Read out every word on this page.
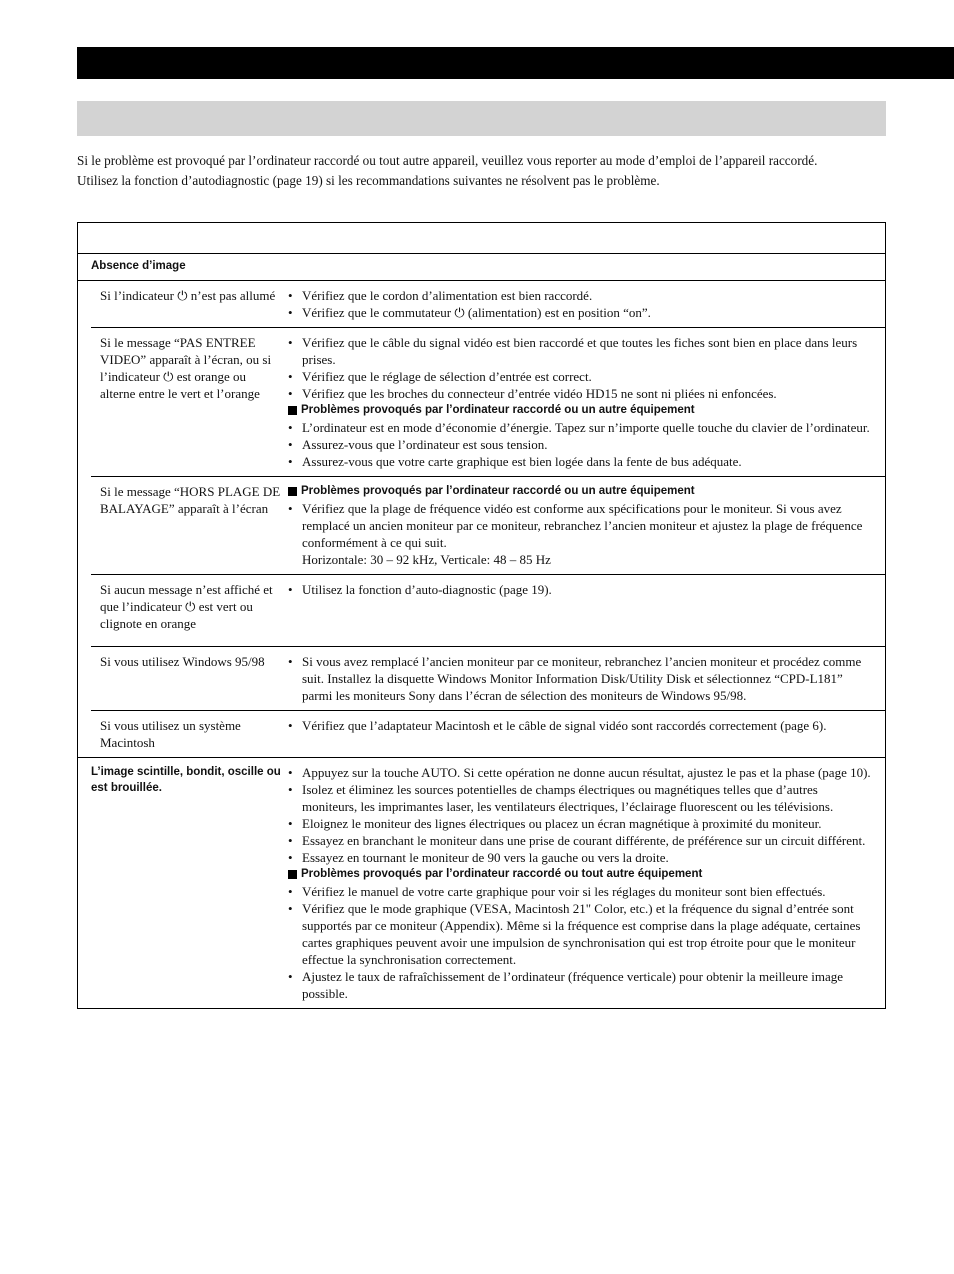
Si le problème est provoqué par l’ordinateur raccordé ou tout autre appareil, veuillez vous reporter au mode d’emploi de l’appareil raccordé.

Utilisez la fonction d’autodiagnostic (page 19) si les recommandations suivantes ne résolvent pas le problème.

Absence d’image
Si l’indicateur ⏻ n’est pas allumé • Vérifiez que le cordon d’alimentation est bien raccordé.
• Vérifiez que le commutateur ⏻ (alimentation) est en position “on”.
Si le message “PAS ENTREE VIDEO” apparaît à l’écran, ou si l’indicateur ⏻ est orange ou alterne entre le vert et l’orange
• Vérifiez que le câble du signal vidéo est bien raccordé et que toutes les fiches sont bien en place dans leurs prises.
• Vérifiez que le réglage de sélection d’entrée est correct.
• Vérifiez que les broches du connecteur d’entrée vidéo HD15 ne sont ni pliées ni enfoncées.
Problèmes provoqués par l’ordinateur raccordé ou un autre équipement
• L’ordinateur est en mode d’économie d’énergie. Tapez sur n’importe quelle touche du clavier de l’ordinateur.
• Assurez-vous que l’ordinateur est sous tension.
• Assurez-vous que votre carte graphique est bien logée dans la fente de bus adéquate.
Si le message “HORS PLAGE DE BALAYAGE” apparaît à l’écran
Problèmes provoqués par l’ordinateur raccordé ou un autre équipement
• Vérifiez que la plage de fréquence vidéo est conforme aux spécifications pour le moniteur. Si vous avez remplacé un ancien moniteur par ce moniteur, rebranchez l’ancien moniteur et ajustez la plage de fréquence conformément à ce qui suit.
Horizontale: 30 – 92 kHz, Verticale: 48 – 85 Hz
Si aucun message n’est affiché et que l’indicateur ⏻ est vert ou clignote en orange
• Utilisez la fonction d’auto-diagnostic (page 19).
Si vous utilisez Windows 95/98	• Si vous avez remplacé l’ancien moniteur par ce moniteur, rebranchez l’ancien moniteur et procédez comme suit. Installez la disquette Windows Monitor Information Disk/Utility Disk et sélectionnez “CPD-L181” parmi les moniteurs Sony dans l’écran de sélection des moniteurs de Windows 95/98.
Si vous utilisez un système Macintosh
• Vérifiez que l’adaptateur Macintosh et le câble de signal vidéo sont raccordés correctement (page 6).
L’image scintille, bondit, oscille ou est brouillée.
• Appuyez sur la touche AUTO. Si cette opération ne donne aucun résultat, ajustez le pas et la phase (page 10).
• Isolez et éliminez les sources potentielles de champs électriques ou magnétiques telles que d’autres moniteurs, les imprimantes laser, les ventilateurs électriques, l’éclairage fluorescent ou les télévisions.
• Eloignez le moniteur des lignes électriques ou placez un écran magnétique à proximité du moniteur.
• Essayez en branchant le moniteur dans une prise de courant différente, de préférence sur un circuit différent.
• Essayez en tournant le moniteur de 90 vers la gauche ou vers la droite.
Problèmes provoqués par l’ordinateur raccordé ou tout autre équipement
• Vérifiez le manuel de votre carte graphique pour voir si les réglages du moniteur sont bien effectués.
• Vérifiez que le mode graphique (VESA, Macintosh 21" Color, etc.) et la fréquence du signal d’entrée sont supportés par ce moniteur (Appendix). Même si la fréquence est comprise dans la plage adéquate, certaines cartes graphiques peuvent avoir une impulsion de synchronisation qui est trop étroite pour que le moniteur effectue la synchronisation correctement.
• Ajustez le taux de rafraîchissement de l’ordinateur (fréquence verticale) pour obtenir la meilleure image possible.
